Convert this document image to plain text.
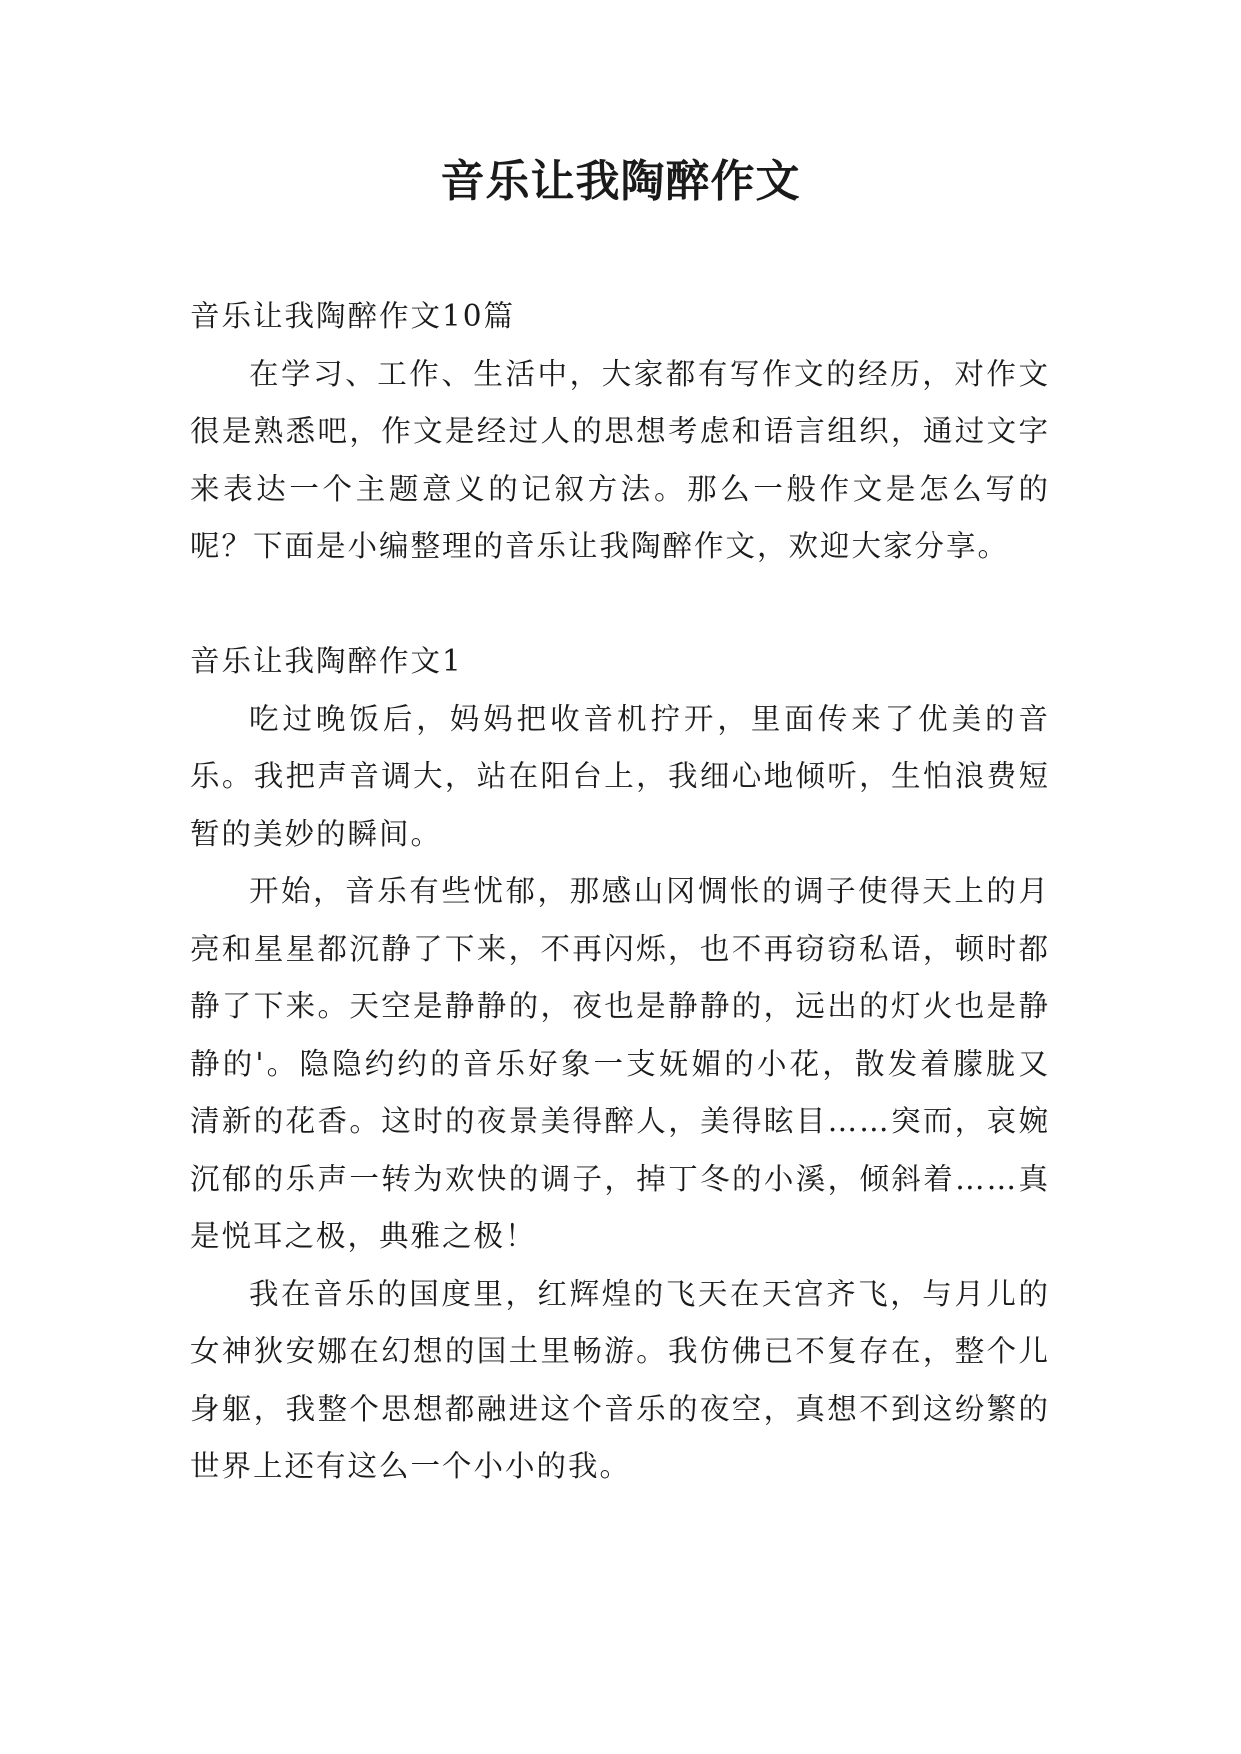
音乐让我陶醉作文

音乐让我陶醉作文10篇

在学习、工作、生活中，大家都有写作文的经历，对作文很是熟悉吧，作文是经过人的思想考虑和语言组织，通过文字来表达一个主题意义的记叙方法。那么一般作文是怎么写的呢？下面是小编整理的音乐让我陶醉作文，欢迎大家分享。

音乐让我陶醉作文1

吃过晚饭后，妈妈把收音机拧开，里面传来了优美的音乐。我把声音调大，站在阳台上，我细心地倾听，生怕浪费短暂的美妙的瞬间。

开始，音乐有些忧郁，那感山冈惆怅的调子使得天上的月亮和星星都沉静了下来，不再闪烁，也不再窃窃私语，顿时都静了下来。天空是静静的，夜也是静静的，远出的灯火也是静静的'。隐隐约约的音乐好象一支妩媚的小花，散发着朦胧又清新的花香。这时的夜景美得醉人，美得眩目……突而，哀婉沉郁的乐声一转为欢快的调子，掉丁冬的小溪，倾斜着……真是悦耳之极，典雅之极！

我在音乐的国度里，红辉煌的飞天在天宫齐飞，与月儿的女神狄安娜在幻想的国土里畅游。我仿佛已不复存在，整个儿身躯，我整个思想都融进这个音乐的夜空，真想不到这纷繁的世界上还有这么一个小小的我。
